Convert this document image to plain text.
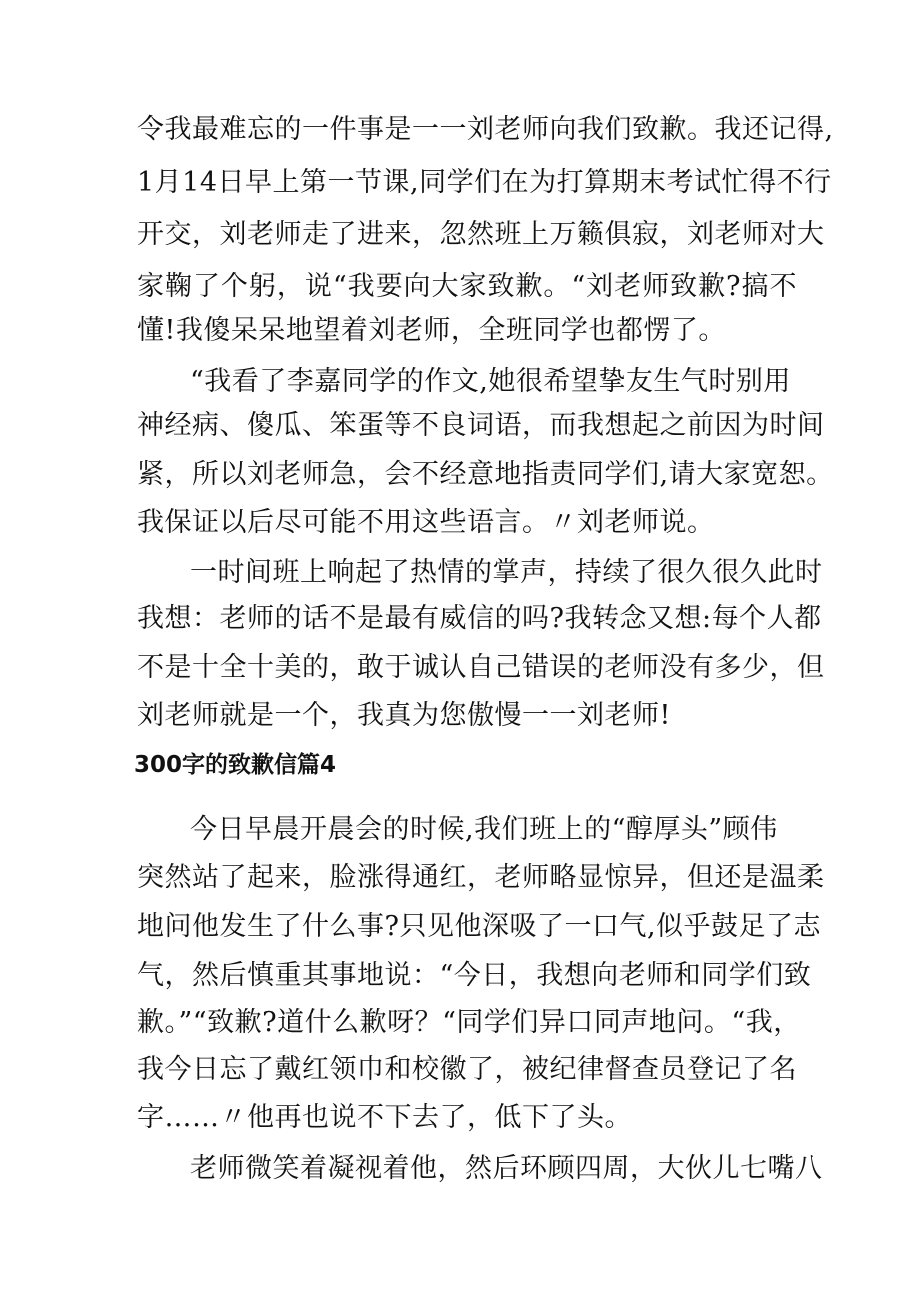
令我最难忘的一件事是一一刘老师向我们致歉。我还记得,
1月14日早上第一节课,同学们在为打算期末考试忙得不行
开交，刘老师走了进来，忽然班上万籁俱寂，刘老师对大
家鞠了个躬，说“我要向大家致歉。“刘老师致歉?搞不
懂!我傻呆呆地望着刘老师，全班同学也都愣了。
“我看了李嘉同学的作文,她很希望挚友生气时别用
神经病、傻瓜、笨蛋等不良词语，而我想起之前因为时间
紧，所以刘老师急，会不经意地指责同学们,请大家宽恕。
我保证以后尽可能不用这些语言。〃刘老师说。
一时间班上响起了热情的掌声，持续了很久很久此时
我想：老师的话不是最有威信的吗?我转念又想:每个人都
不是十全十美的，敢于诚认自己错误的老师没有多少，但
刘老师就是一个，我真为您傲慢一一刘老师!
300字的致歉信篇4
今日早晨开晨会的时候,我们班上的“醇厚头”顾伟
突然站了起来，脸涨得通红，老师略显惊异，但还是温柔
地问他发生了什么事?只见他深吸了一口气,似乎鼓足了志
气，然后慎重其事地说：“今日，我想向老师和同学们致
歉。”“致歉?道什么歉呀？“同学们异口同声地问。“我，
我今日忘了戴红领巾和校徽了，被纪律督查员登记了名
字……〃他再也说不下去了，低下了头。
老师微笑着凝视着他，然后环顾四周，大伙儿七嘴八
